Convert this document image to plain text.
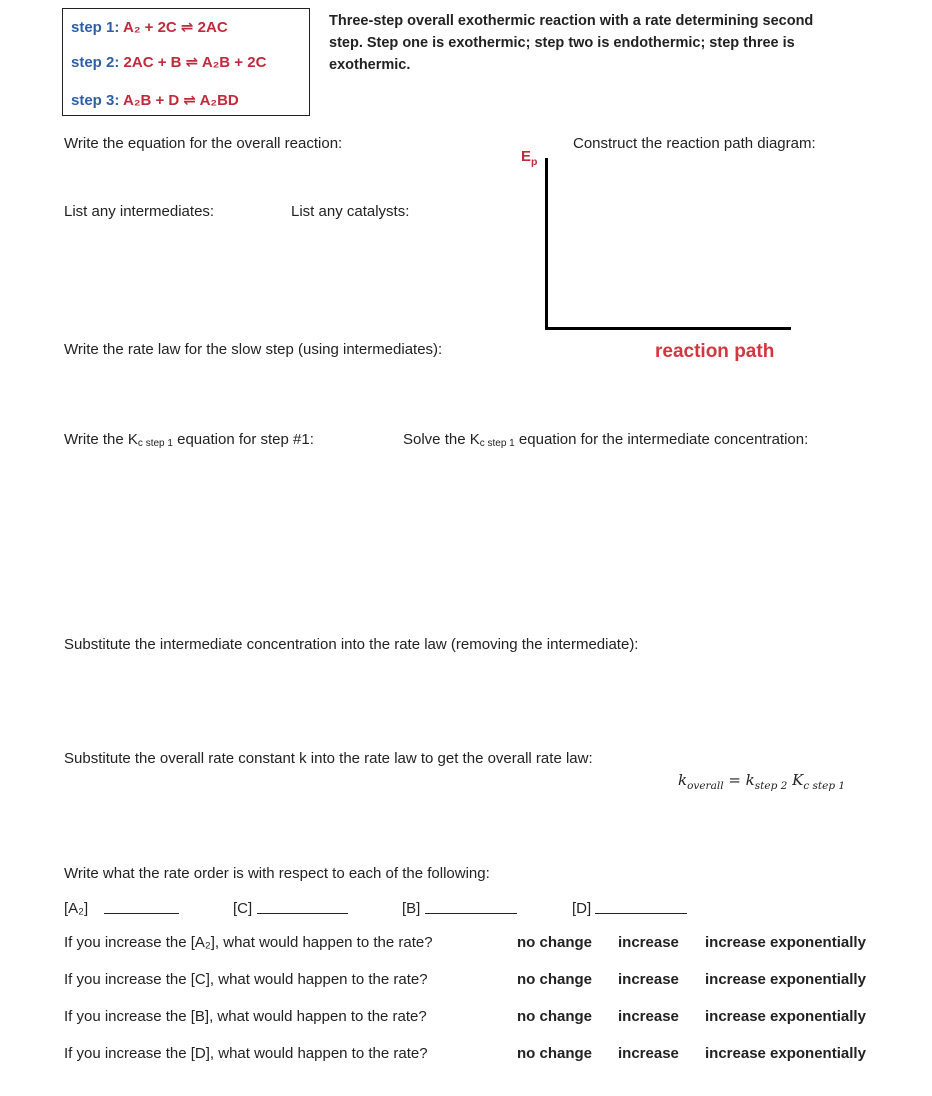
step 1: A₂ + 2C ⇌ 2AC
step 2: 2AC + B ⇌ A₂B + 2C
step 3: A₂B + D ⇌ A₂BD
Three-step overall exothermic reaction with a rate determining second step. Step one is exothermic; step two is endothermic; step three is exothermic.
Write the equation for the overall reaction:	Construct the reaction path diagram:
$E_p$
reaction path
List any intermediates:	List any catalysts:
Write the rate law for the slow step (using intermediates):
Write the Kc step 1 equation for step #1:	Solve the Kc step 1 equation for the intermediate concentration:
Substitute the intermediate concentration into the rate law (removing the intermediate):
Substitute the overall rate constant k into the rate law to get the overall rate law:
$k_{overall} = k_{step 2}$ $K_{c step 1}$
Write what the rate order is with respect to each of the following:
[A₂]	[C]	[B]	[D]
If you increase the [A₂], what would happen to the rate?	no change increase increase exponentially
If you increase the [C], what would happen to the rate?	no change increase increase exponentially
If you increase the [B], what would happen to the rate?	no change increase increase exponentially
If you increase the [D], what would happen to the rate?	no change increase increase exponentially
